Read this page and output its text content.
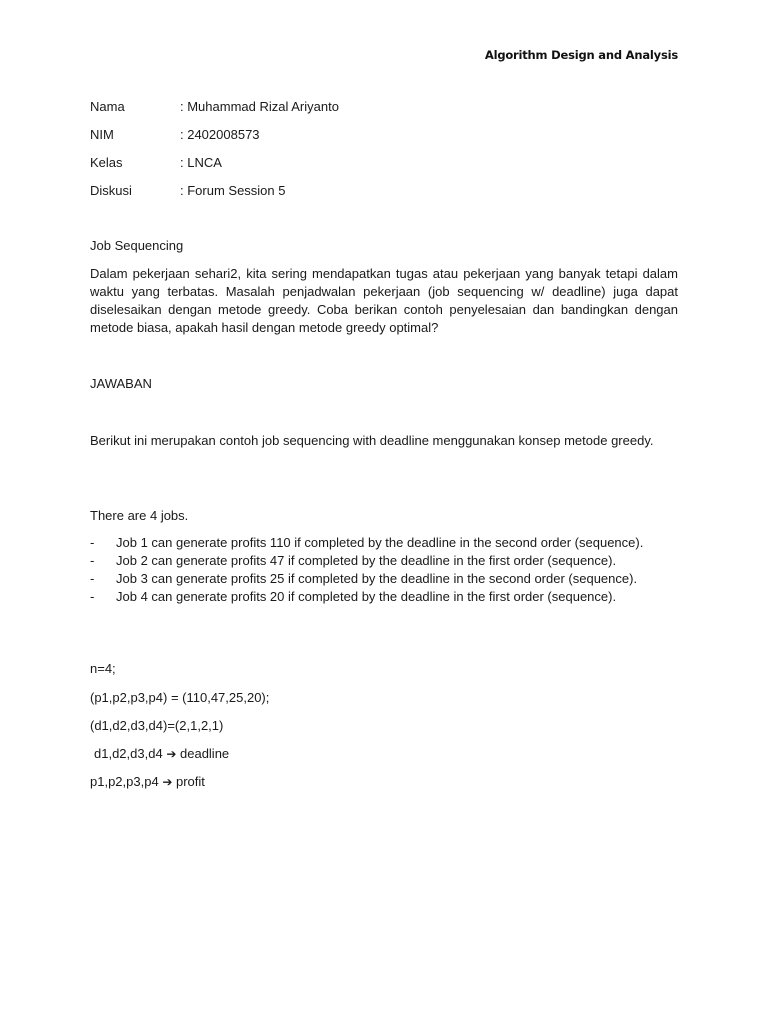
Algorithm Design and Analysis
Nama	: Muhammad Rizal Ariyanto
NIM	: 2402008573
Kelas	: LNCA
Diskusi	: Forum Session 5
Job Sequencing
Dalam pekerjaan sehari2, kita sering mendapatkan tugas atau pekerjaan yang banyak tetapi dalam waktu yang terbatas. Masalah penjadwalan pekerjaan (job sequencing w/ deadline) juga dapat diselesaikan dengan metode greedy. Coba berikan contoh penyelesaian dan bandingkan dengan metode biasa, apakah hasil dengan metode greedy optimal?
JAWABAN
Berikut ini merupakan contoh job sequencing with deadline menggunakan konsep metode greedy.
There are 4 jobs.
-	Job 1 can generate profits 110 if completed by the deadline in the second order (sequence).
-	Job 2 can generate profits 47 if completed by the deadline in the first order (sequence).
-	Job 3 can generate profits 25 if completed by the deadline in the second order (sequence).
-	Job 4 can generate profits 20 if completed by the deadline in the first order (sequence).
n=4;
(p1,p2,p3,p4) = (110,47,25,20);
(d1,d2,d3,d4)=(2,1,2,1)
d1,d2,d3,d4 ➔ deadline
p1,p2,p3,p4 ➔ profit
